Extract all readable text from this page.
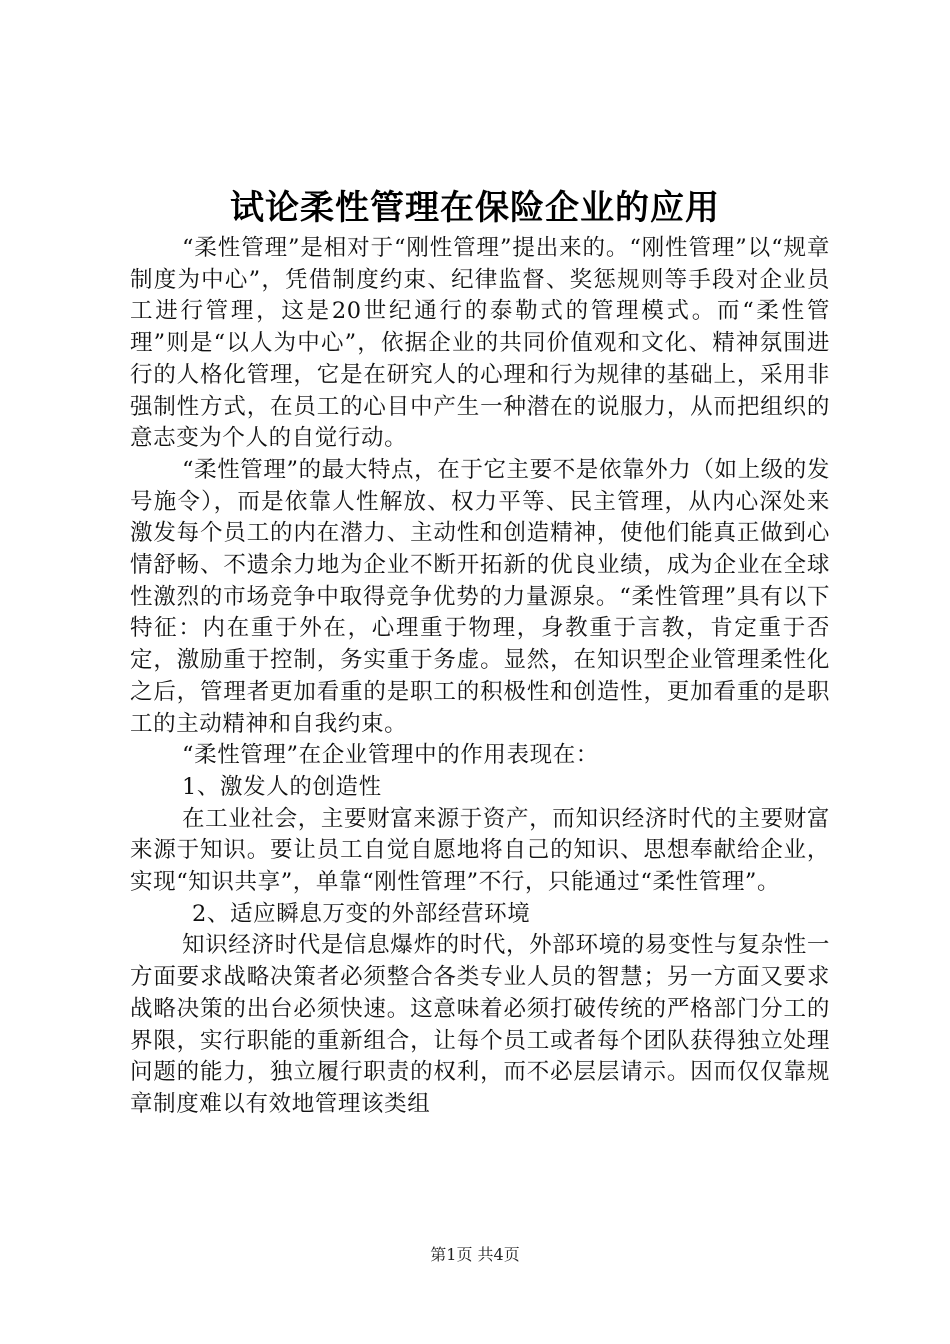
试论柔性管理在保险企业的应用

“柔性管理”是相对于“刚性管理”提出来的。“刚性管理”以“规章制度为中心”，凭借制度约束、纪律监督、奖惩规则等手段对企业员工进行管理，这是20世纪通行的泰勒式的管理模式。而“柔性管理”则是“以人为中心”，依据企业的共同价值观和文化、精神氛围进行的人格化管理，它是在研究人的心理和行为规律的基础上，采用非强制性方式，在员工的心目中产生一种潜在的说服力，从而把组织的意志变为个人的自觉行动。

“柔性管理”的最大特点，在于它主要不是依靠外力（如上级的发号施令），而是依靠人性解放、权力平等、民主管理，从内心深处来激发每个员工的内在潜力、主动性和创造精神，使他们能真正做到心情舒畅、不遗余力地为企业不断开拓新的优良业绩，成为企业在全球性激烈的市场竞争中取得竞争优势的力量源泉。“柔性管理”具有以下特征：内在重于外在，心理重于物理，身教重于言教，肯定重于否定，激励重于控制，务实重于务虚。显然，在知识型企业管理柔性化之后，管理者更加看重的是职工的积极性和创造性，更加看重的是职工的主动精神和自我约束。

“柔性管理”在企业管理中的作用表现在：

1、激发人的创造性

在工业社会，主要财富来源于资产，而知识经济时代的主要财富来源于知识。要让员工自觉自愿地将自己的知识、思想奉献给企业，实现“知识共享”，单靠“刚性管理”不行，只能通过“柔性管理”。

2、适应瞬息万变的外部经营环境

知识经济时代是信息爆炸的时代，外部环境的易变性与复杂性一方面要求战略决策者必须整合各类专业人员的智慧；另一方面又要求战略决策的出台必须快速。这意味着必须打破传统的严格部门分工的界限，实行职能的重新组合，让每个员工或者每个团队获得独立处理问题的能力，独立履行职责的权利，而不必层层请示。因而仅仅靠规章制度难以有效地管理该类组

第1页 共4页
